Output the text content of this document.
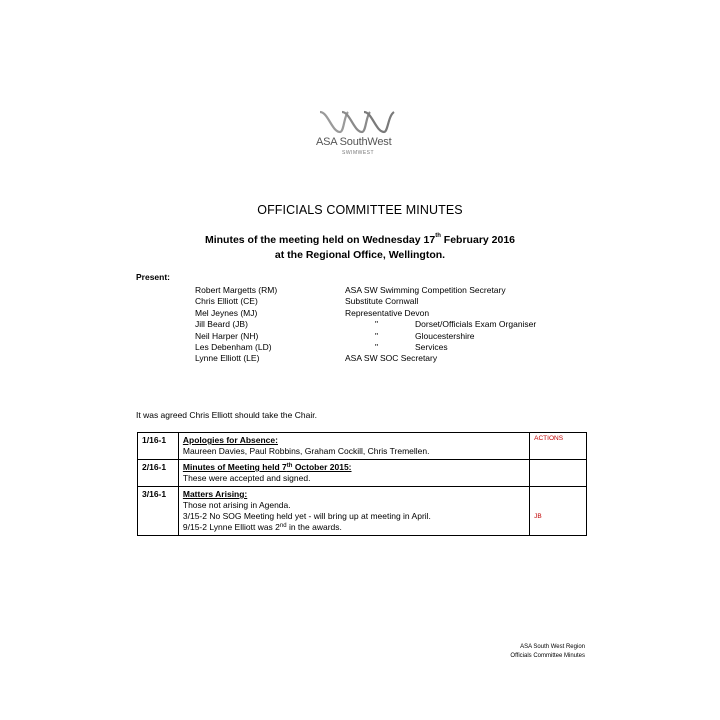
ASA SouthWest
SWIMWEST
OFFICIALS COMMITTEE MINUTES
Minutes of the meeting held on Wednesday 17th February 2016
at the Regional Office, Wellington.
Present:
Robert Margetts (RM)	ASA SW Swimming Competition Secretary
Chris Elliott (CE)	Substitute Cornwall
Mel Jeynes (MJ)	Representative Devon
Jill Beard (JB)	"	Dorset/Officials Exam Organiser
Neil Harper (NH)	"	Gloucestershire
Les Debenham (LD)	"	Services
Lynne Elliott (LE)	ASA SW SOC Secretary
It was agreed Chris Elliott should take the Chair.
1/16-1	Apologies for Absence:
Maureen Davies, Paul Robbins, Graham Cockill, Chris Tremellen.	ACTIONS
2/16-1	Minutes of Meeting held 7th October 2015:
These were accepted and signed.	

3/16-1	Matters Arising:
Those not arising in Agenda.
3/15-2 No SOG Meeting held yet - will bring up at meeting in April.
9/15-2 Lynne Elliott was 2nd in the awards.	JB
ASA South West Region
Officials Committee Minutes
